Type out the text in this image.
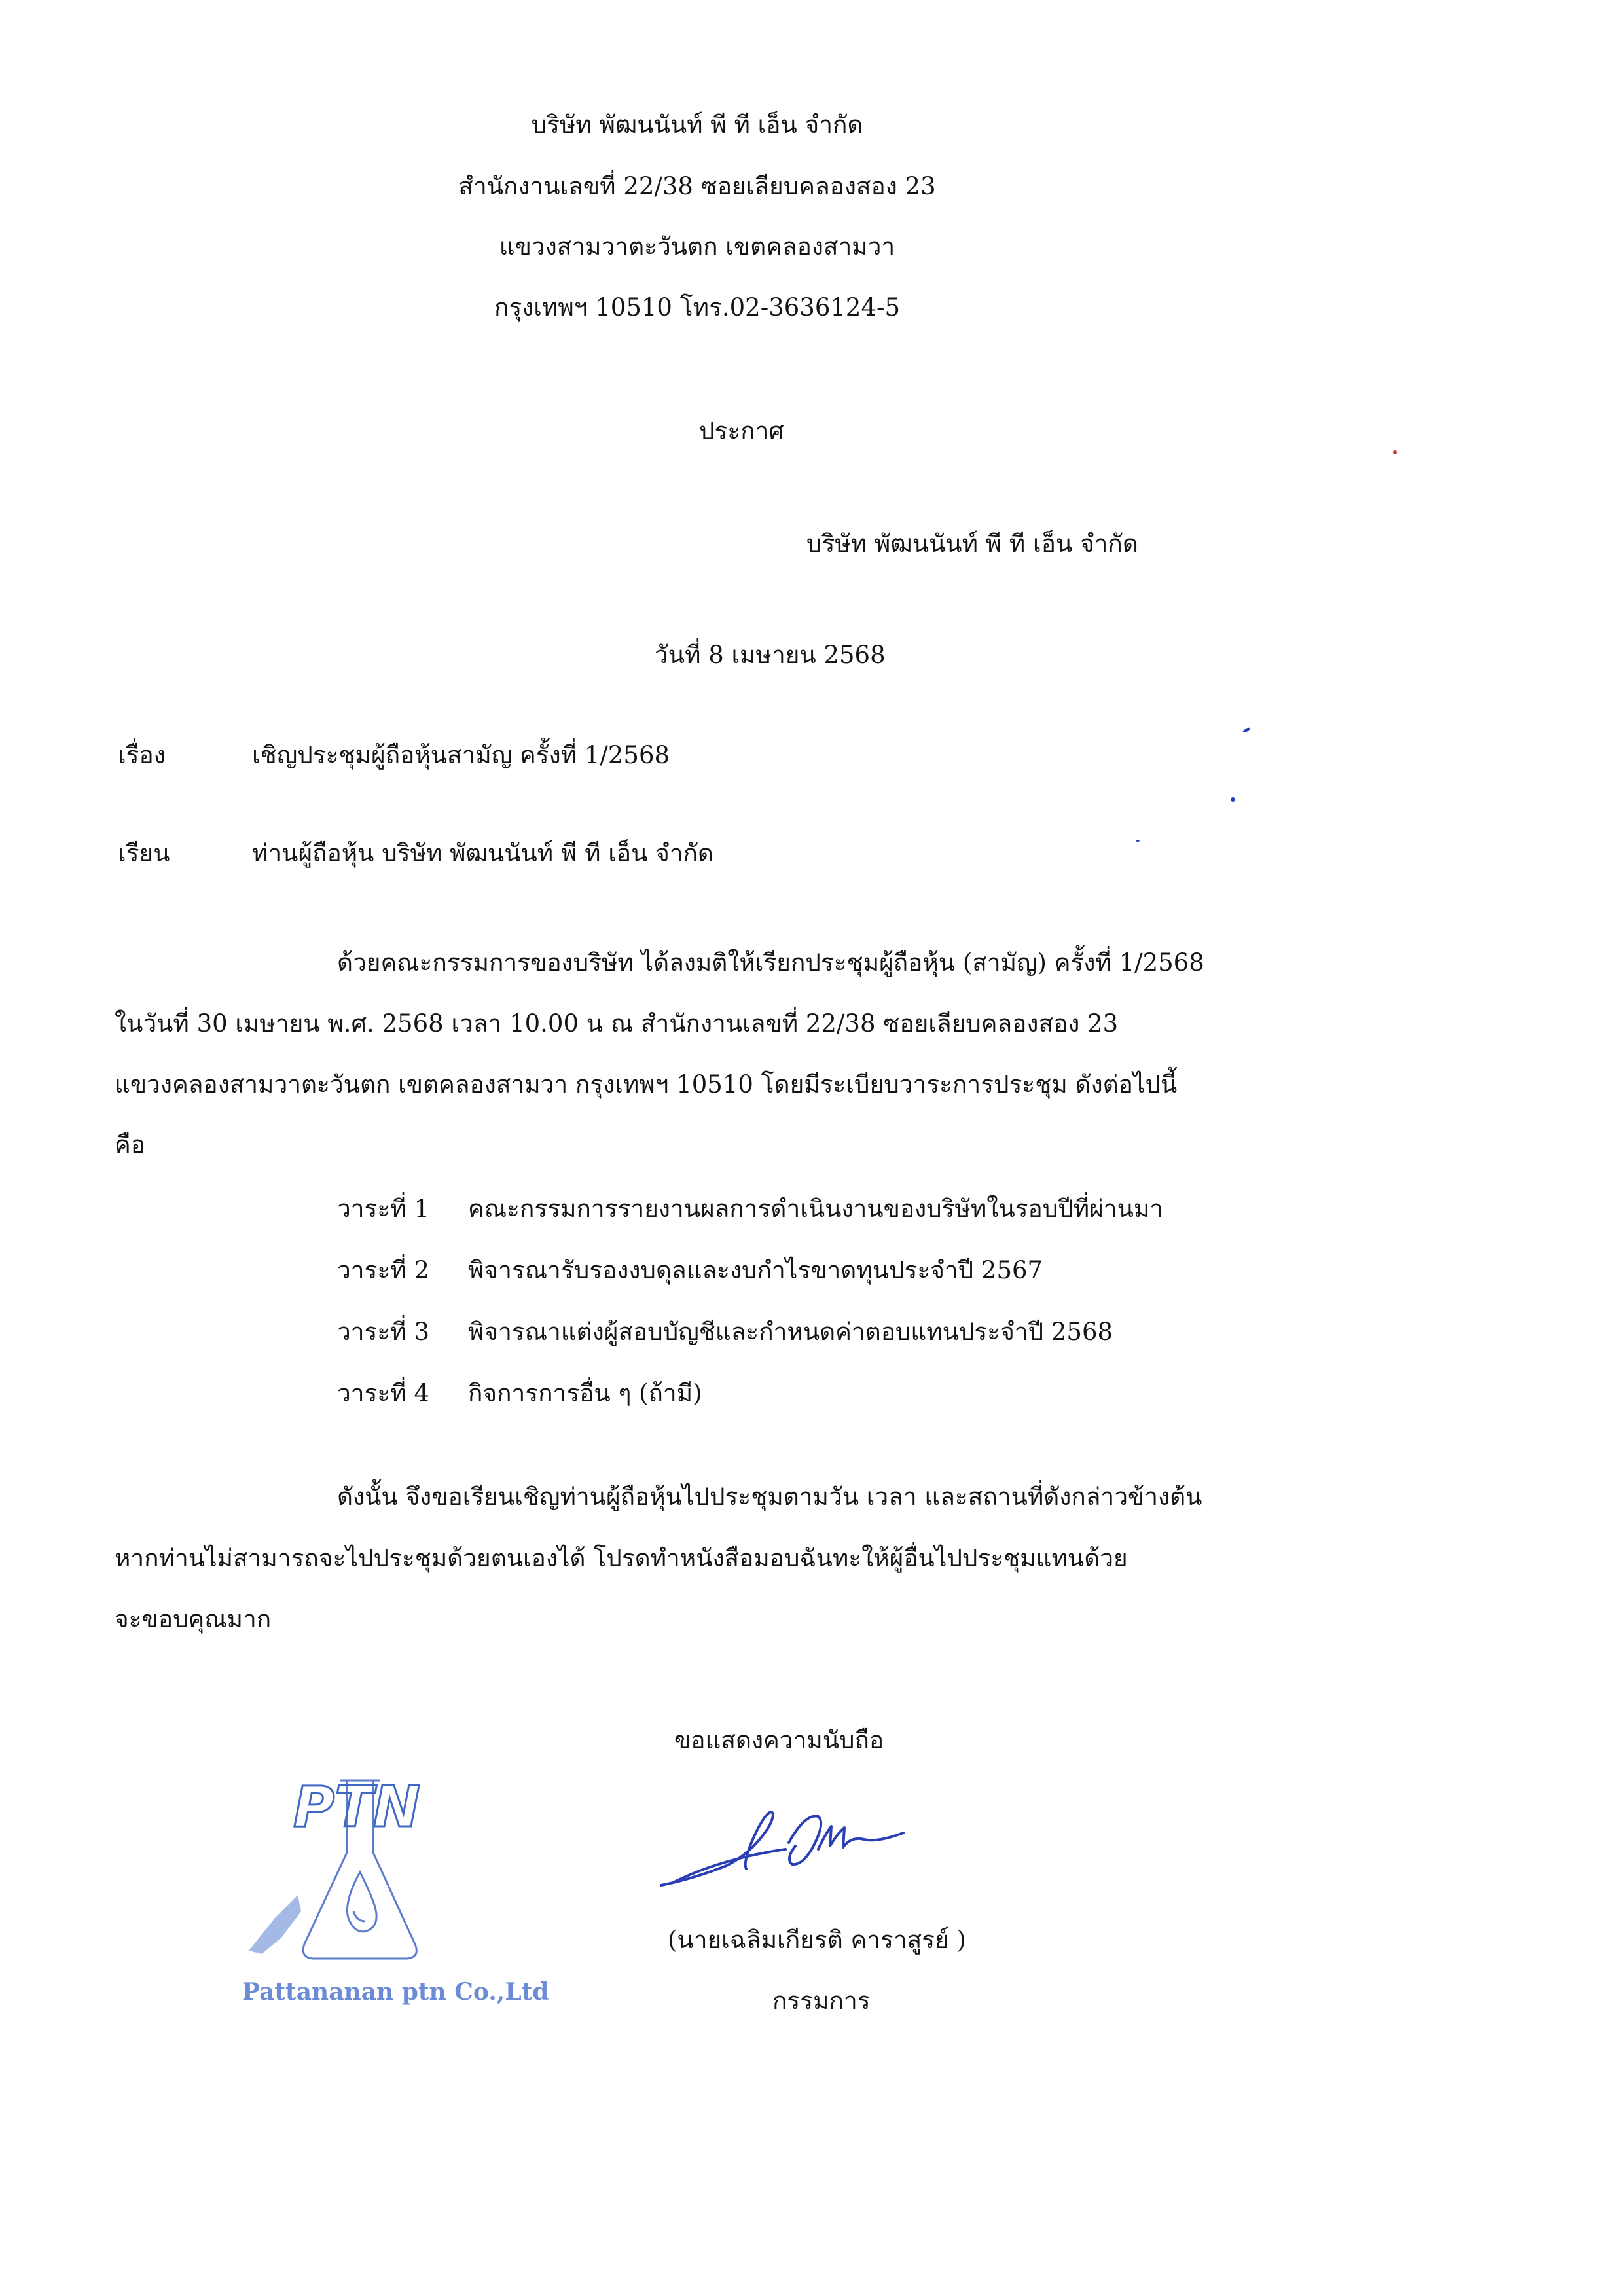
บริษัท พัฒนนันท์ พี ที เอ็น จำกัด
สำนักงานเลขที่ 22/38 ซอยเลียบคลองสอง 23
แขวงสามวาตะวันตก เขตคลองสามวา
กรุงเทพฯ 10510 โทร.02-3636124-5
ประกาศ
บริษัท พัฒนนันท์ พี ที เอ็น จำกัด
วันที่ 8 เมษายน 2568
เรื่อง	เชิญประชุมผู้ถือหุ้นสามัญ ครั้งที่ 1/2568
เรียน	ท่านผู้ถือหุ้น บริษัท พัฒนนันท์ พี ที เอ็น จำกัด
ด้วยคณะกรรมการของบริษัท ได้ลงมติให้เรียกประชุมผู้ถือหุ้น (สามัญ) ครั้งที่ 1/2568
ในวันที่ 30 เมษายน พ.ศ. 2568 เวลา 10.00 น ณ สำนักงานเลขที่ 22/38 ซอยเลียบคลองสอง 23
แขวงคลองสามวาตะวันตก เขตคลองสามวา กรุงเทพฯ 10510 โดยมีระเบียบวาระการประชุม ดังต่อไปนี้
คือ
วาระที่ 1 คณะกรรมการรายงานผลการดำเนินงานของบริษัทในรอบปีที่ผ่านมา
วาระที่ 2 พิจารณารับรองงบดุลและงบกำไรขาดทุนประจำปี 2567
วาระที่ 3 พิจารณาแต่งผู้สอบบัญชีและกำหนดค่าตอบแทนประจำปี 2568
วาระที่ 4 กิจการการอื่น ๆ (ถ้ามี)
ดังนั้น จึงขอเรียนเชิญท่านผู้ถือหุ้นไปประชุมตามวัน เวลา และสถานที่ดังกล่าวข้างต้น
หากท่านไม่สามารถจะไปประชุมด้วยตนเองได้ โปรดทำหนังสือมอบฉันทะให้ผู้อื่นไปประชุมแทนด้วย
จะขอบคุณมาก
ขอแสดงความนับถือ
PTN
Pattananan ptn Co.,Ltd
(นายเฉลิมเกียรติ คาราสูรย์ )
กรรมการ
